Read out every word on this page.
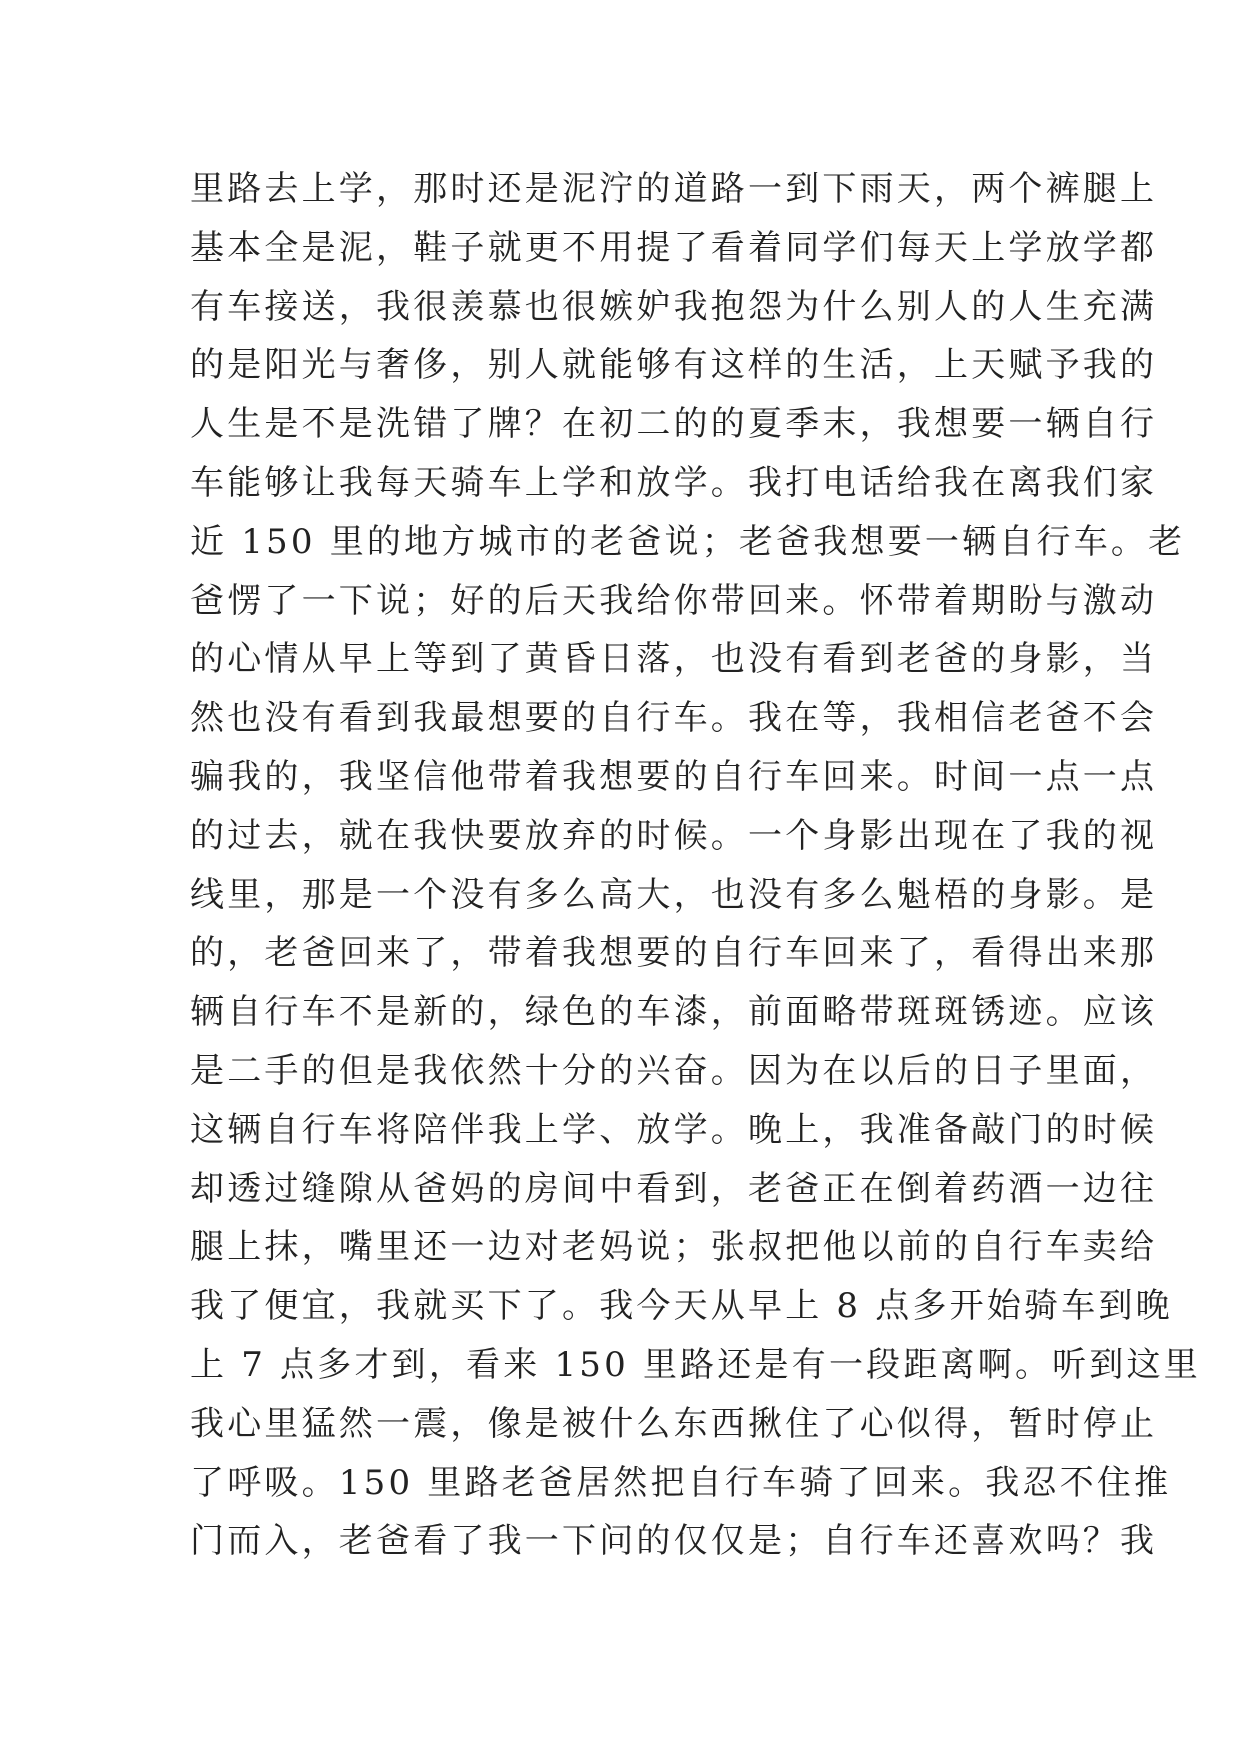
里路去上学，那时还是泥泞的道路一到下雨天，两个裤腿上
基本全是泥，鞋子就更不用提了看着同学们每天上学放学都
有车接送，我很羡慕也很嫉妒我抱怨为什么别人的人生充满
的是阳光与奢侈，别人就能够有这样的生活，上天赋予我的
人生是不是洗错了牌？在初二的的夏季末，我想要一辆自行
车能够让我每天骑车上学和放学。我打电话给我在离我们家
近 150 里的地方城市的老爸说；老爸我想要一辆自行车。老
爸愣了一下说；好的后天我给你带回来。怀带着期盼与激动
的心情从早上等到了黄昏日落，也没有看到老爸的身影，当
然也没有看到我最想要的自行车。我在等，我相信老爸不会
骗我的，我坚信他带着我想要的自行车回来。时间一点一点
的过去，就在我快要放弃的时候。一个身影出现在了我的视
线里，那是一个没有多么高大，也没有多么魁梧的身影。是
的，老爸回来了，带着我想要的自行车回来了，看得出来那
辆自行车不是新的，绿色的车漆，前面略带斑斑锈迹。应该
是二手的但是我依然十分的兴奋。因为在以后的日子里面，
这辆自行车将陪伴我上学、放学。晚上，我准备敲门的时候
却透过缝隙从爸妈的房间中看到，老爸正在倒着药酒一边往
腿上抹，嘴里还一边对老妈说；张叔把他以前的自行车卖给
我了便宜，我就买下了。我今天从早上 8 点多开始骑车到晚
上 7 点多才到，看来 150 里路还是有一段距离啊。听到这里
我心里猛然一震，像是被什么东西揪住了心似得，暂时停止
了呼吸。150 里路老爸居然把自行车骑了回来。我忍不住推
门而入，老爸看了我一下问的仅仅是；自行车还喜欢吗？我
